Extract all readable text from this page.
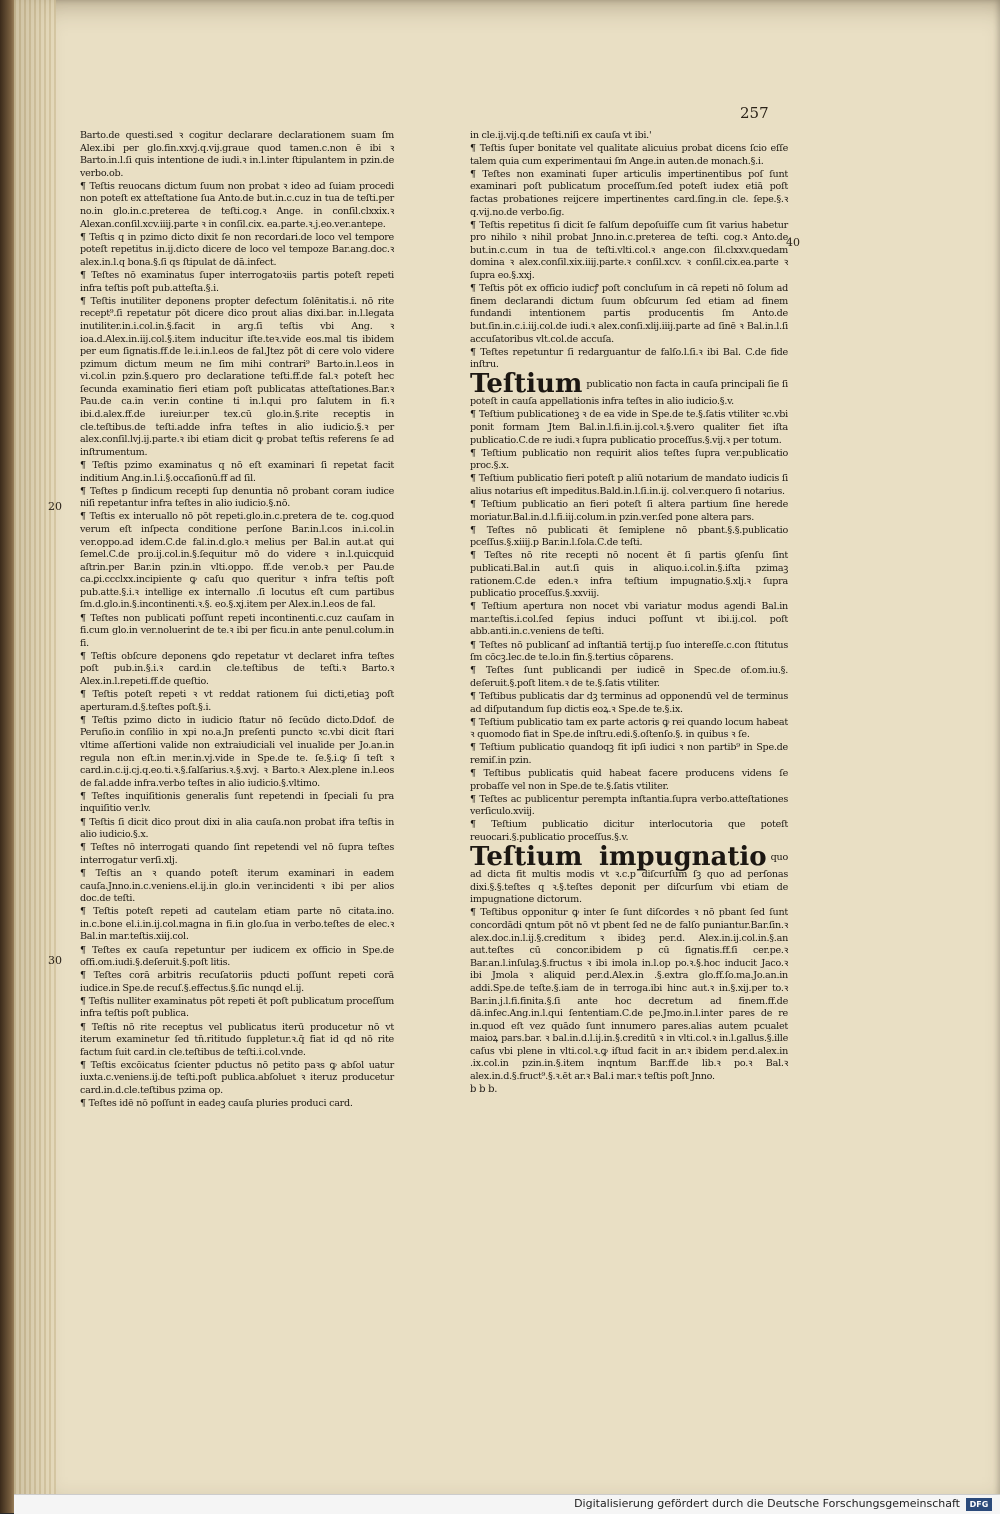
257
20
30
40

Barto.de questi.sed ꝛ cogitur declarare declarationem suam ſm Alex.ibi per glo.fin.xxvj.q.vij.graue quod tamen.c.non ē ibi ꝛ Barto.in.l.ſi quis intentione de iudi.ꝛ in.l.inter ſtipulantem in pzin.de verbo.ob.

¶ Teſtis reuocans dictum ſuum non probat ꝛ ideo ad ſuiam procedi non poteſt ex atteſtatione ſua Anto.de but.in.c.cuz in tua de teſti.per no.in glo.in.c.preterea de teſti.cog.ꝛ Ange. in conſil.clxxix.ꝛ Alexan.conſil.xcv.iiij.parte ꝛ in conſil.cix. ea.parte.ꝛ.j.eo.ver.antepe.

¶ Teſtis q in pzimo dicto dixit ſe non recordari.de loco vel tempore poteſt repetitus in.ij.dicto dicere de loco vel tempoze Bar.ang.doc.ꝛ alex.in.l.q bona.§.ſi qs ſtipulat de dā.infect.

¶ Teſtes nō examinatus ſuper interrogatoꝛiis partis poteſt repeti infra teſtis poſt pub.atteſta.§.i.

¶ Teſtis inutiliter deponens propter defectum ſolēnitatis.i. nō rite recept⁹.ſi repetatur pōt dicere dico prout alias dixi.bar. in.l.legata inutiliter.in.i.col.in.§.facit in arg.ſi teſtis vbi Ang. ꝛ ioa.d.Alex.in.iij.col.§.item inducitur iſte.teꝛ.vide eos.mal tis ibidem per eum ſignatis.ff.de le.i.in.l.eos de fal.Jtez pōt di cere volo videre pzimum dictum meum ne ſim mihi contrari⁹ Barto.in.l.eos in vi.col.in pzin.§.quero pro declaratione teſti.ff.de fal.ꝛ poteſt hec ſecunda examinatio fieri etiam poſt publicatas atteſtationes.Bar.ꝛ Pau.de ca.in ver.in contine ti in.l.qui pro ſalutem in fi.ꝛ ibi.d.alex.ff.de iureiur.per tex.cū glo.in.§.rite receptis in cle.teſtibus.de teſti.adde infra teſtes in alio iudicio.§.ꝛ per alex.conſil.lvj.ij.parte.ꝛ ibi etiam dicit ꝙ probat teſtis referens ſe ad inſtrumentum.

¶ Teſtis pzimo examinatus q nō eſt examinari ſi repetat facit inditium Ang.in.l.i.§.occaſionū.ff ad ſil.

¶ Teſtes p ſindicum recepti ſup denuntia nō probant coram iudice niſi repetantur infra teſtes in alio iudicio.§.nō.

¶ Teſtis ex interuallo nō pōt repeti.glo.in.c.pretera de te. cog.quod verum eſt inſpecta conditione perſone Bar.in.l.cos in.i.col.in ver.oppo.ad idem.C.de fal.in.d.glo.ꝛ melius per Bal.in aut.at qui ſemel.C.de pro.ij.col.in.§.ſequitur mō do videre ꝛ in.l.quicquid aſtrin.per Bar.in pzin.in vlti.oppo. ff.de ver.ob.ꝛ per Pau.de ca.ꝑi.ccclxx.incipiente ꝙ caſu quo queritur ꝛ infra teſtis poſt pub.atte.§.i.ꝛ intellige ex internallo .ſi locutus eſt cum partibus ſm.d.glo.in.§.incontinenti.ꝛ.§. eo.§.xj.item per Alex.in.l.eos de fal.

¶ Teſtes non publicati poſſunt repeti incontinenti.c.cuz cauſam in fi.cum glo.in ver.noluerint de te.ꝛ ibi per ficu.in ante penul.colum.in fi.

¶ Teſtis obſcure deponens ꝙdo repetatur vt declaret infra teſtes poſt pub.in.§.i.ꝛ card.in cle.teſtibus de teſti.ꝛ Barto.ꝛ Alex.in.l.repeti.ff.de queſtio.

¶ Teſtis poteſt repeti ꝛ vt reddat rationem ſui dicti,etiaꝫ poſt aperturam.d.§.teſtes poſt.§.i.

¶ Teſtis pzimo dicto in iudicio ſtatur nō ſecūdo dicto.Ddof. de Peruſio.in conſilio in xpi no.a.Jn preſenti puncto ꝛc.vbi dicit ſtari vltime aſſertioni valide non extraiudiciali vel inualide per Jo.an.in regula non eſt.in mer.in.vj.vide in Spe.de te. ſe.§.i.ꝙ ſi teſt ꝛ card.in.c.ij.cj.q.eo.ti.ꝛ.§.ſalſarius.ꝛ.§.xvj. ꝛ Barto.ꝛ Alex.plene in.l.eos de fal.adde infra.verbo teſtes in alio iudicio.§.vltimo.

¶ Teſtes inquiſitionis generalis ſunt repetendi in ſpeciali ſu pra inquiſitio ver.lv.

¶ Teſtis ſi dicit dico prout dixi in alia cauſa.non probat ifra teſtis in alio iudicio.§.x.

¶ Teſtes nō interrogati quando ſint repetendi vel nō ſupra teſtes interrogatur verſi.xlj.

¶ Teſtis an ꝛ quando poteſt iterum examinari in eadem cauſa.Jnno.in.c.veniens.el.ij.in glo.in ver.incidenti ꝛ ibi per alios doc.de teſti.

¶ Teſtis poteſt repeti ad cautelam etiam parte nō citata.ino. in.c.bone el.i.in.ij.col.magna in fi.in glo.ſua in verbo.teſtes de elec.ꝛ Bal.in mar.teſtis.xiij.col.

¶ Teſtes ex cauſa repetuntur per iudicem ex officio in Spe.de offi.om.iudi.§.deſeruit.§.poſt litis.

¶ Teſtes corā arbitris recuſatoriis pducti poſſunt repeti corā iudice.in Spe.de recuſ.§.effectus.§.ſic nunqd el.ij.

¶ Teſtis nulliter examinatus pōt repeti ēt poſt publicatum proceſſum infra teſtis poſt publica.

¶ Teſtis nō rite receptus vel publicatus iterū producetur nō vt iterum examinetur ſed tn̄.rititudo ſuppletur.ꝛ.q̄ fiat id qd nō rite factum ſuit card.in cle.teſtibus de teſti.i.col.vnde.

¶ Teſtis excōicatus ſcienter pductus nō petito paꝛs ꝙ abſol uatur iuxta.c.veniens.ij.de teſti.poſt publica.abſoluet ꝛ iteruz producetur card.in.d.cle.teſtibus pzima op.

¶ Teſtes idē nō poſſunt in eadeꝫ cauſa pluries produci card.

in cle.ij.vij.q.de teſti.niſi ex cauſa vt ibi.'

¶ Teſtis ſuper bonitate vel qualitate alicuius probat dicens ſcio eſſe talem quia cum experimentaui ſm Ange.in auten.de monach.§.i.

¶ Teſtes non examinati ſuper articulis impertinentibus poſ ſunt examinari poſt publicatum proceſſum.ſed poteſt iudex etiā poſt factas probationes reijcere impertinentes card.ſing.in cle. ſepe.§.ꝛ q.vij.no.de verbo.ſig.

¶ Teſtis repetitus ſi dicit ſe falſum depoſuiſſe cum ſit varius habetur pro nihilo ꝛ nihil probat Jnno.in.c.preterea de teſti. cog.ꝛ Anto.de but.in.c.cum in tua de teſti.vlti.col.ꝛ ange.con ſil.clxxv.quedam domina ꝛ alex.conſil.xix.iiij.parte.ꝛ conſil.xcv. ꝛ conſil.cix.ea.parte ꝛ ſupra eo.§.xxj.

¶ Teſtis pōt ex officio iudicꝭ poſt concluſum in cā repeti nō ſolum ad finem declarandi dictum ſuum obſcurum ſed etiam ad finem fundandi intentionem partis producentis ſm Anto.de but.ſin.in.c.i.iij.col.de iudi.ꝛ alex.conſi.xlij.iiij.parte ad ſinē ꝛ Bal.in.l.ſi accuſatoribus vlt.col.de accuſa.

¶ Teſtes repetuntur ſi redarguantur de falſo.l.ſi.ꝛ ibi Bal. C.de fide inſtru.

Teſtium publicatio non facta in cauſa principali ſie ſi poteſt in cauſa appellationis infra teſtes in alio iudicio.§.v.

¶ Teſtium publicationeꝫ ꝛ de ea vide in Spe.de te.§.ſatis vtiliter ꝛc.vbi ponit formam Jtem Bal.in.l.fi.in.ij.col.ꝛ.§.vero qualiter fiet iſta publicatio.C.de re iudi.ꝛ ſupra publicatio proceſſus.§.vij.ꝛ per totum.

¶ Teſtium publicatio non requirit alios teſtes ſupra ver.publicatio proc.§.x.

¶ Teſtium publicatio fieri poteſt p aliū notarium de mandato iudicis ſi alius notarius eſt impeditus.Bald.in.l.ſi.in.ij. col.ver.quero ſi notarius.

¶ Teſtium publicatio an fieri poteſt ſi altera partium ſine herede moriatur.Bal.in.d.l.fi.iij.colum.in pzin.ver.ſed pone altera pars.

¶ Teſtes nō publicati ēt ſemiplene nō pbant.§.§.publicatio pceſſus.§.xiiij.p Bar.in.l.ſola.C.de teſti.

¶ Teſtes nō rite recepti nō nocent ēt ſi partis ꝯſenſu ſint publicati.Bal.in aut.ſi quis in aliquo.i.col.in.§.iſta pzimaꝫ rationem.C.de eden.ꝛ infra teſtium impugnatio.§.xlj.ꝛ ſupra publicatio proceſſus.§.xxviij.

¶ Teſtium apertura non nocet vbi variatur modus agendi Bal.in mar.teſtis.i.col.ſed ſepius induci poſſunt vt ibi.ij.col. poſt abb.anti.in.c.veniens de teſti.

¶ Teſtes nō publicanſ ad inſtantiā tertij.p ſuo intereſſe.c.con ſtitutus ſm cōcꝫ.lec.de te.lo.in fin.§.tertius cōparens.

¶ Teſtes ſunt publicandi per iudicē in Spec.de of.om.iu.§. deſeruit.§.poſt litem.ꝛ de te.§.ſatis vtiliter.

¶ Teſtibus publicatis dar dꝫ terminus ad opponendū vel de terminus ad diſputandum ſup dictis eoꝝ.ꝛ Spe.de te.§.ix.

¶ Teſtium publicatio tam ex parte actoris ꝙ rei quando locum habeat ꝛ quomodo fiat in Spe.de inſtru.edi.§.oſtenſo.§. in quibus ꝛ ſe.

¶ Teſtium publicatio quandoqꝫ fit ipſi iudici ꝛ non partib⁹ in Spe.de remiſ.in pzin.

¶ Teſtibus publicatis quid habeat facere producens videns ſe probaſſe vel non in Spe.de te.§.ſatis vtiliter.

¶ Teſtes ac publicentur perempta inſtantia.ſupra verbo.atteſtationes verſiculo.xviij.

¶ Teſtium publicatio dicitur interlocutoria que poteſt reuocari.§.publicatio proceſſus.§.v.

Teſtium impugnatio quo ad dicta fit multis modis vt ꝛ.c.p diſcurſum ſꝫ quo ad perſonas dixi.§.§.teſtes q ꝛ.§.teſtes deponit per diſcurſum vbi etiam de impugnatione dictorum.

¶ Teſtibus opponitur ꝙ inter ſe ſunt diſcordes ꝛ nō pbant ſed ſunt concordādi qntum pōt nō vt pbent ſed ne de falſo puniantur.Bar.ſin.ꝛ alex.doc.in.l.ij.§.creditum ꝛ ibideꝫ per.d. Alex.in.ij.col.in.§.an aut.teſtes cū concor.ibidem p cū ſignatis.ff.ſi cer.pe.ꝛ Bar.an.l.inſulaꝫ.§.fructus ꝛ ibi imola in.l.op po.ꝛ.§.hoc inducit Jaco.ꝛ ibi Jmola ꝛ aliquid per.d.Alex.in .§.extra glo.ff.ſo.ma.Jo.an.in addi.Spe.de teſte.§.iam de in terroga.ibi hinc aut.ꝛ in.§.xij.per to.ꝛ Bar.in.j.l.fi.finita.§.ſi ante hoc decretum ad finem.ff.de dā.infec.Ang.in.l.qui ſententiam.C.de pe.Jmo.in.l.inter pares de re in.quod eſt vez quādo ſunt innumero pares.alias autem pcualet maioꝝ pars.bar. ꝛ bal.in.d.l.ij.in.§.creditū ꝛ in vlti.col.ꝛ in.l.gallus.§.ille caſus vbi plene in vlti.col.ꝛ.ꝙ iſtud facit in ar.ꝛ ibidem per.d.alex.in .ix.col.in pzin.in.§.item inqntum Bar.ff.de lib.ꝛ po.ꝛ Bal.ꝛ alex.in.d.§.fruct⁹.§.ꝛ.ēt ar.ꝛ Bal.i mar.ꝛ teſtis poſt Jnno.

b b b.

Digitalisierung gefördert durch die Deutsche Forschungsgemeinschaft	DFG
